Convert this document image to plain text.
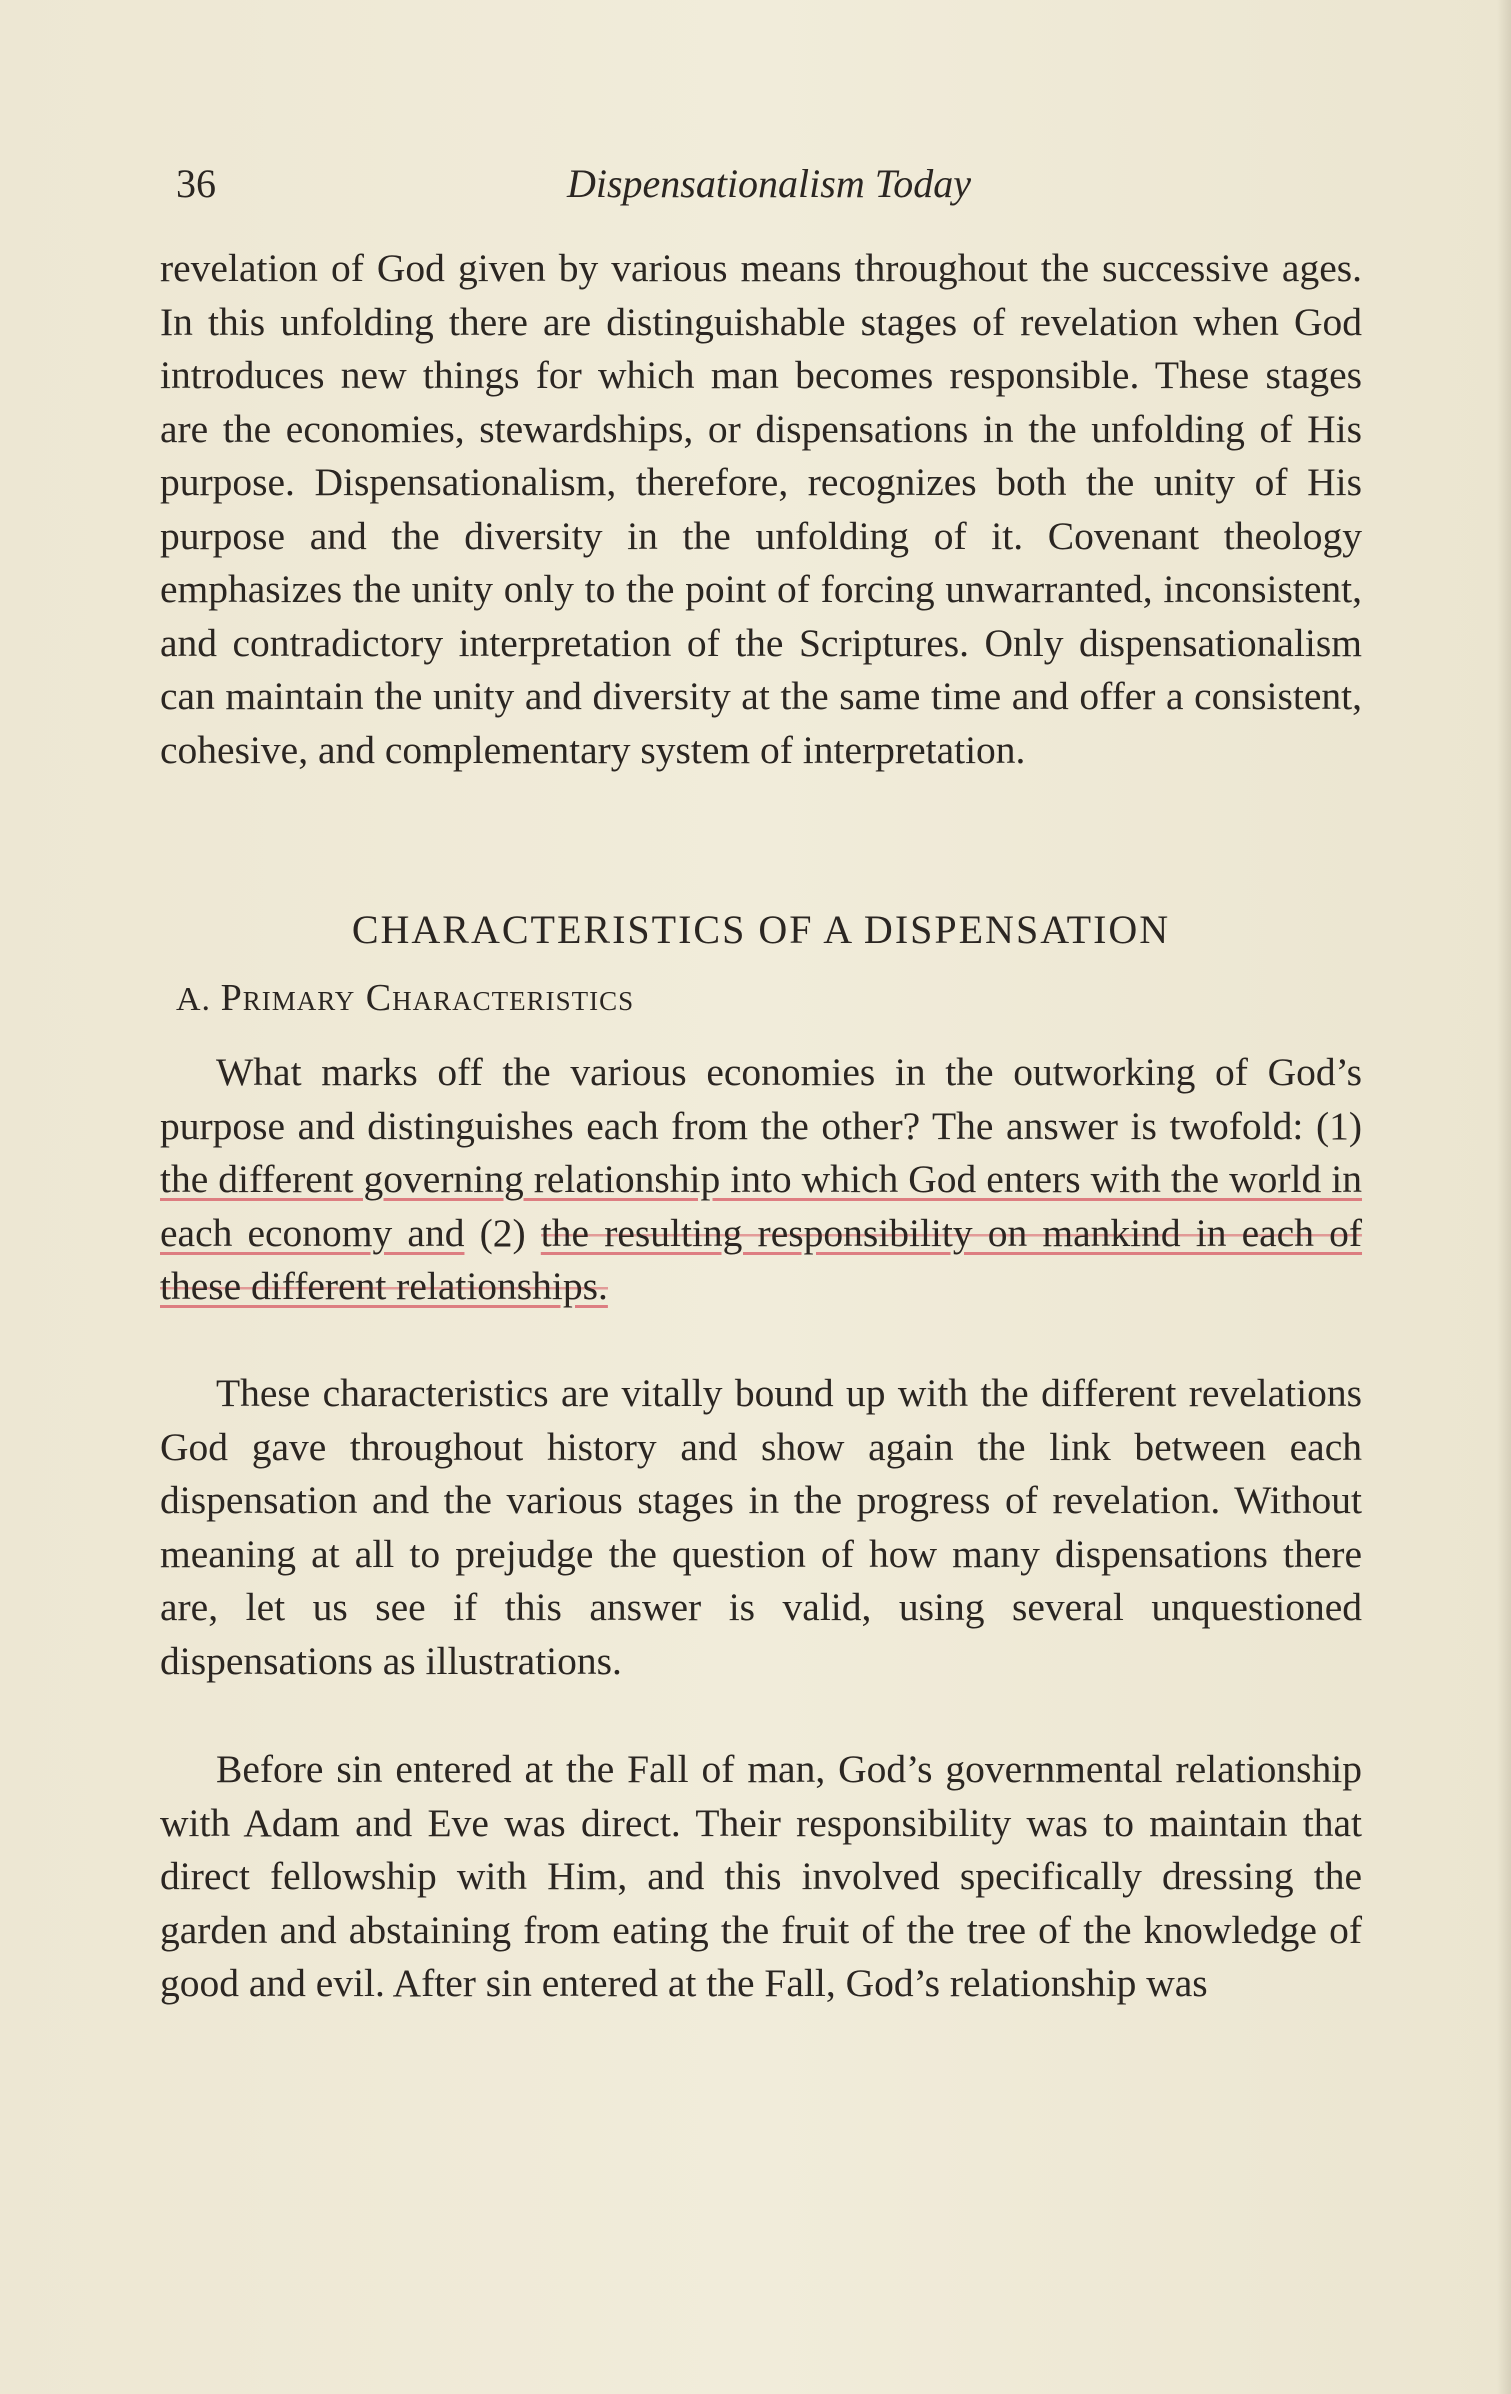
36	Dispensationalism Today

revelation of God given by various means throughout the successive ages. In this unfolding there are distinguishable stages of revelation when God introduces new things for which man becomes responsible. These stages are the economies, stewardships, or dispensations in the unfolding of His purpose. Dispensationalism, therefore, recognizes both the unity of His purpose and the diversity in the unfolding of it. Covenant theology emphasizes the unity only to the point of forcing unwarranted, inconsistent, and contradictory interpretation of the Scriptures. Only dispensationalism can maintain the unity and diversity at the same time and offer a consistent, cohesive, and complementary system of interpretation.

CHARACTERISTICS OF A DISPENSATION
A. Primary Characteristics

What marks off the various economies in the outworking of God’s purpose and distinguishes each from the other? The answer is twofold: (1) the different governing relationship into which God enters with the world in each economy and (2) the resulting responsibility on mankind in each of these different relationships.

These characteristics are vitally bound up with the different revelations God gave throughout history and show again the link between each dispensation and the various stages in the progress of revelation. Without meaning at all to prejudge the question of how many dispensations there are, let us see if this answer is valid, using several unquestioned dispensations as illustrations.

Before sin entered at the Fall of man, God’s governmental relationship with Adam and Eve was direct. Their responsibility was to maintain that direct fellowship with Him, and this involved specifically dressing the garden and abstaining from eating the fruit of the tree of the knowledge of good and evil. After sin entered at the Fall, God’s relationship was
